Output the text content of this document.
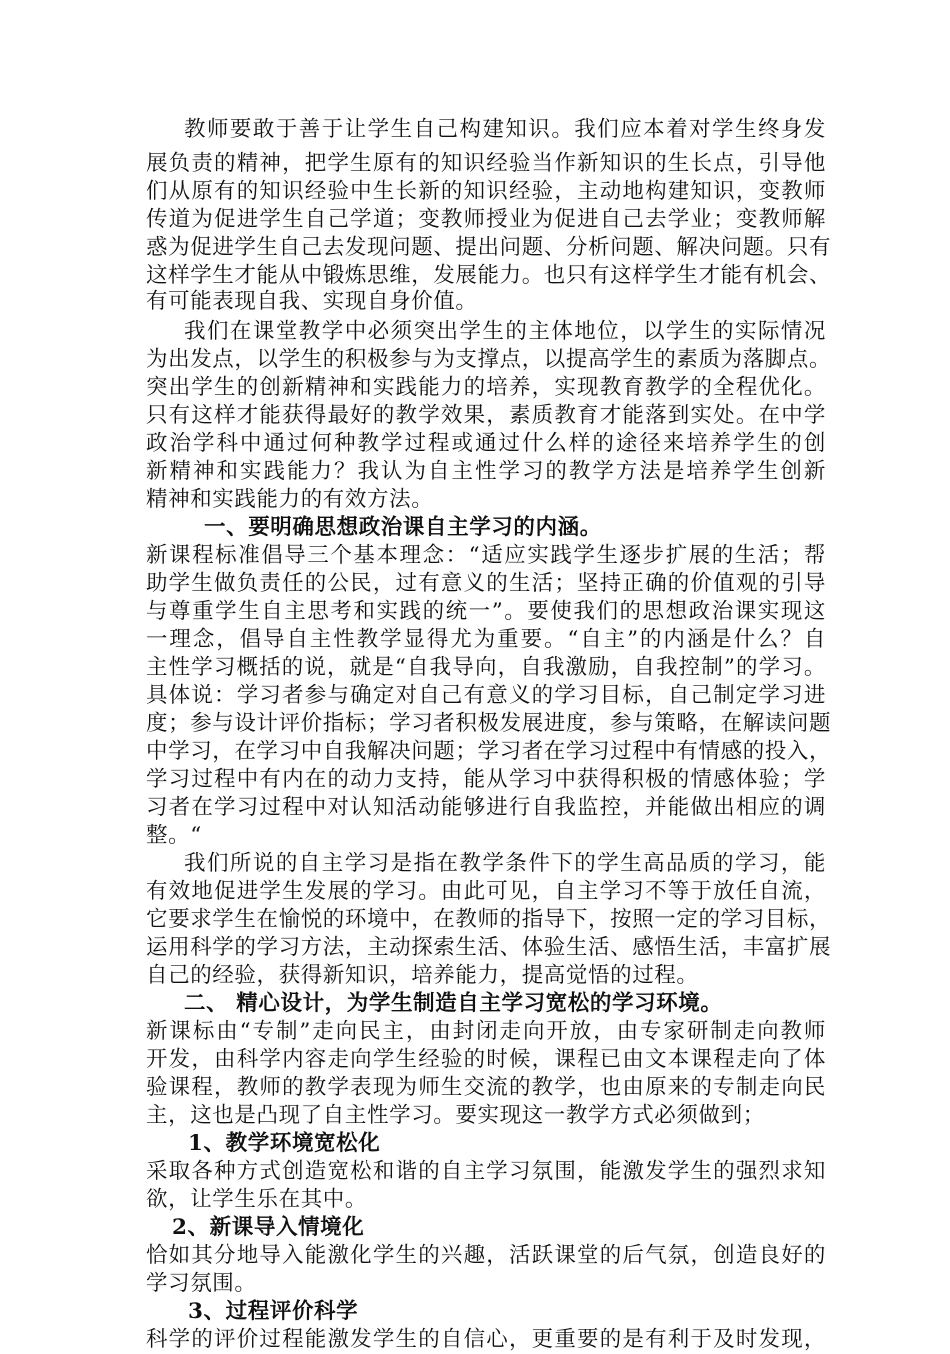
教师要敢于善于让学生自己构建知识。我们应本着对学生终身发
展负责的精神，把学生原有的知识经验当作新知识的生长点，引导他
们从原有的知识经验中生长新的知识经验，主动地构建知识，变教师
传道为促进学生自己学道；变教师授业为促进自己去学业；变教师解
惑为促进学生自己去发现问题、提出问题、分析问题、解决问题。只有
这样学生才能从中锻炼思维，发展能力。也只有这样学生才能有机会、
有可能表现自我、实现自身价值。
我们在课堂教学中必须突出学生的主体地位，以学生的实际情况
为出发点，以学生的积极参与为支撑点，以提高学生的素质为落脚点。
突出学生的创新精神和实践能力的培养，实现教育教学的全程优化。
只有这样才能获得最好的教学效果，素质教育才能落到实处。在中学
政治学科中通过何种教学过程或通过什么样的途径来培养学生的创
新精神和实践能力？我认为自主性学习的教学方法是培养学生创新
精神和实践能力的有效方法。
一、要明确思想政治课自主学习的内涵。
新课程标准倡导三个基本理念：“适应实践学生逐步扩展的生活；帮
助学生做负责任的公民，过有意义的生活；坚持正确的价值观的引导
与尊重学生自主思考和实践的统一”。要使我们的思想政治课实现这
一理念，倡导自主性教学显得尤为重要。“自主”的内涵是什么？自
主性学习概括的说，就是“自我导向，自我激励，自我控制”的学习。
具体说：学习者参与确定对自己有意义的学习目标，自己制定学习进
度；参与设计评价指标；学习者积极发展进度，参与策略，在解读问题
中学习，在学习中自我解决问题；学习者在学习过程中有情感的投入，
学习过程中有内在的动力支持，能从学习中获得积极的情感体验；学
习者在学习过程中对认知活动能够进行自我监控，并能做出相应的调
整。“
我们所说的自主学习是指在教学条件下的学生高品质的学习，能
有效地促进学生发展的学习。由此可见，自主学习不等于放任自流，
它要求学生在愉悦的环境中，在教师的指导下，按照一定的学习目标，
运用科学的学习方法，主动探索生活、体验生活、感悟生活，丰富扩展
自己的经验，获得新知识，培养能力，提高觉悟的过程。
二、 精心设计，为学生制造自主学习宽松的学习环境。
新课标由“专制”走向民主，由封闭走向开放，由专家研制走向教师
开发，由科学内容走向学生经验的时候，课程已由文本课程走向了体
验课程，教师的教学表现为师生交流的教学，也由原来的专制走向民
主，这也是凸现了自主性学习。要实现这一教学方式必须做到；
1、教学环境宽松化
采取各种方式创造宽松和谐的自主学习氛围，能激发学生的强烈求知
欲，让学生乐在其中。
2、新课导入情境化
恰如其分地导入能激化学生的兴趣，活跃课堂的后气氛，创造良好的
学习氛围。
3、过程评价科学
科学的评价过程能激发学生的自信心，更重要的是有利于及时发现，
